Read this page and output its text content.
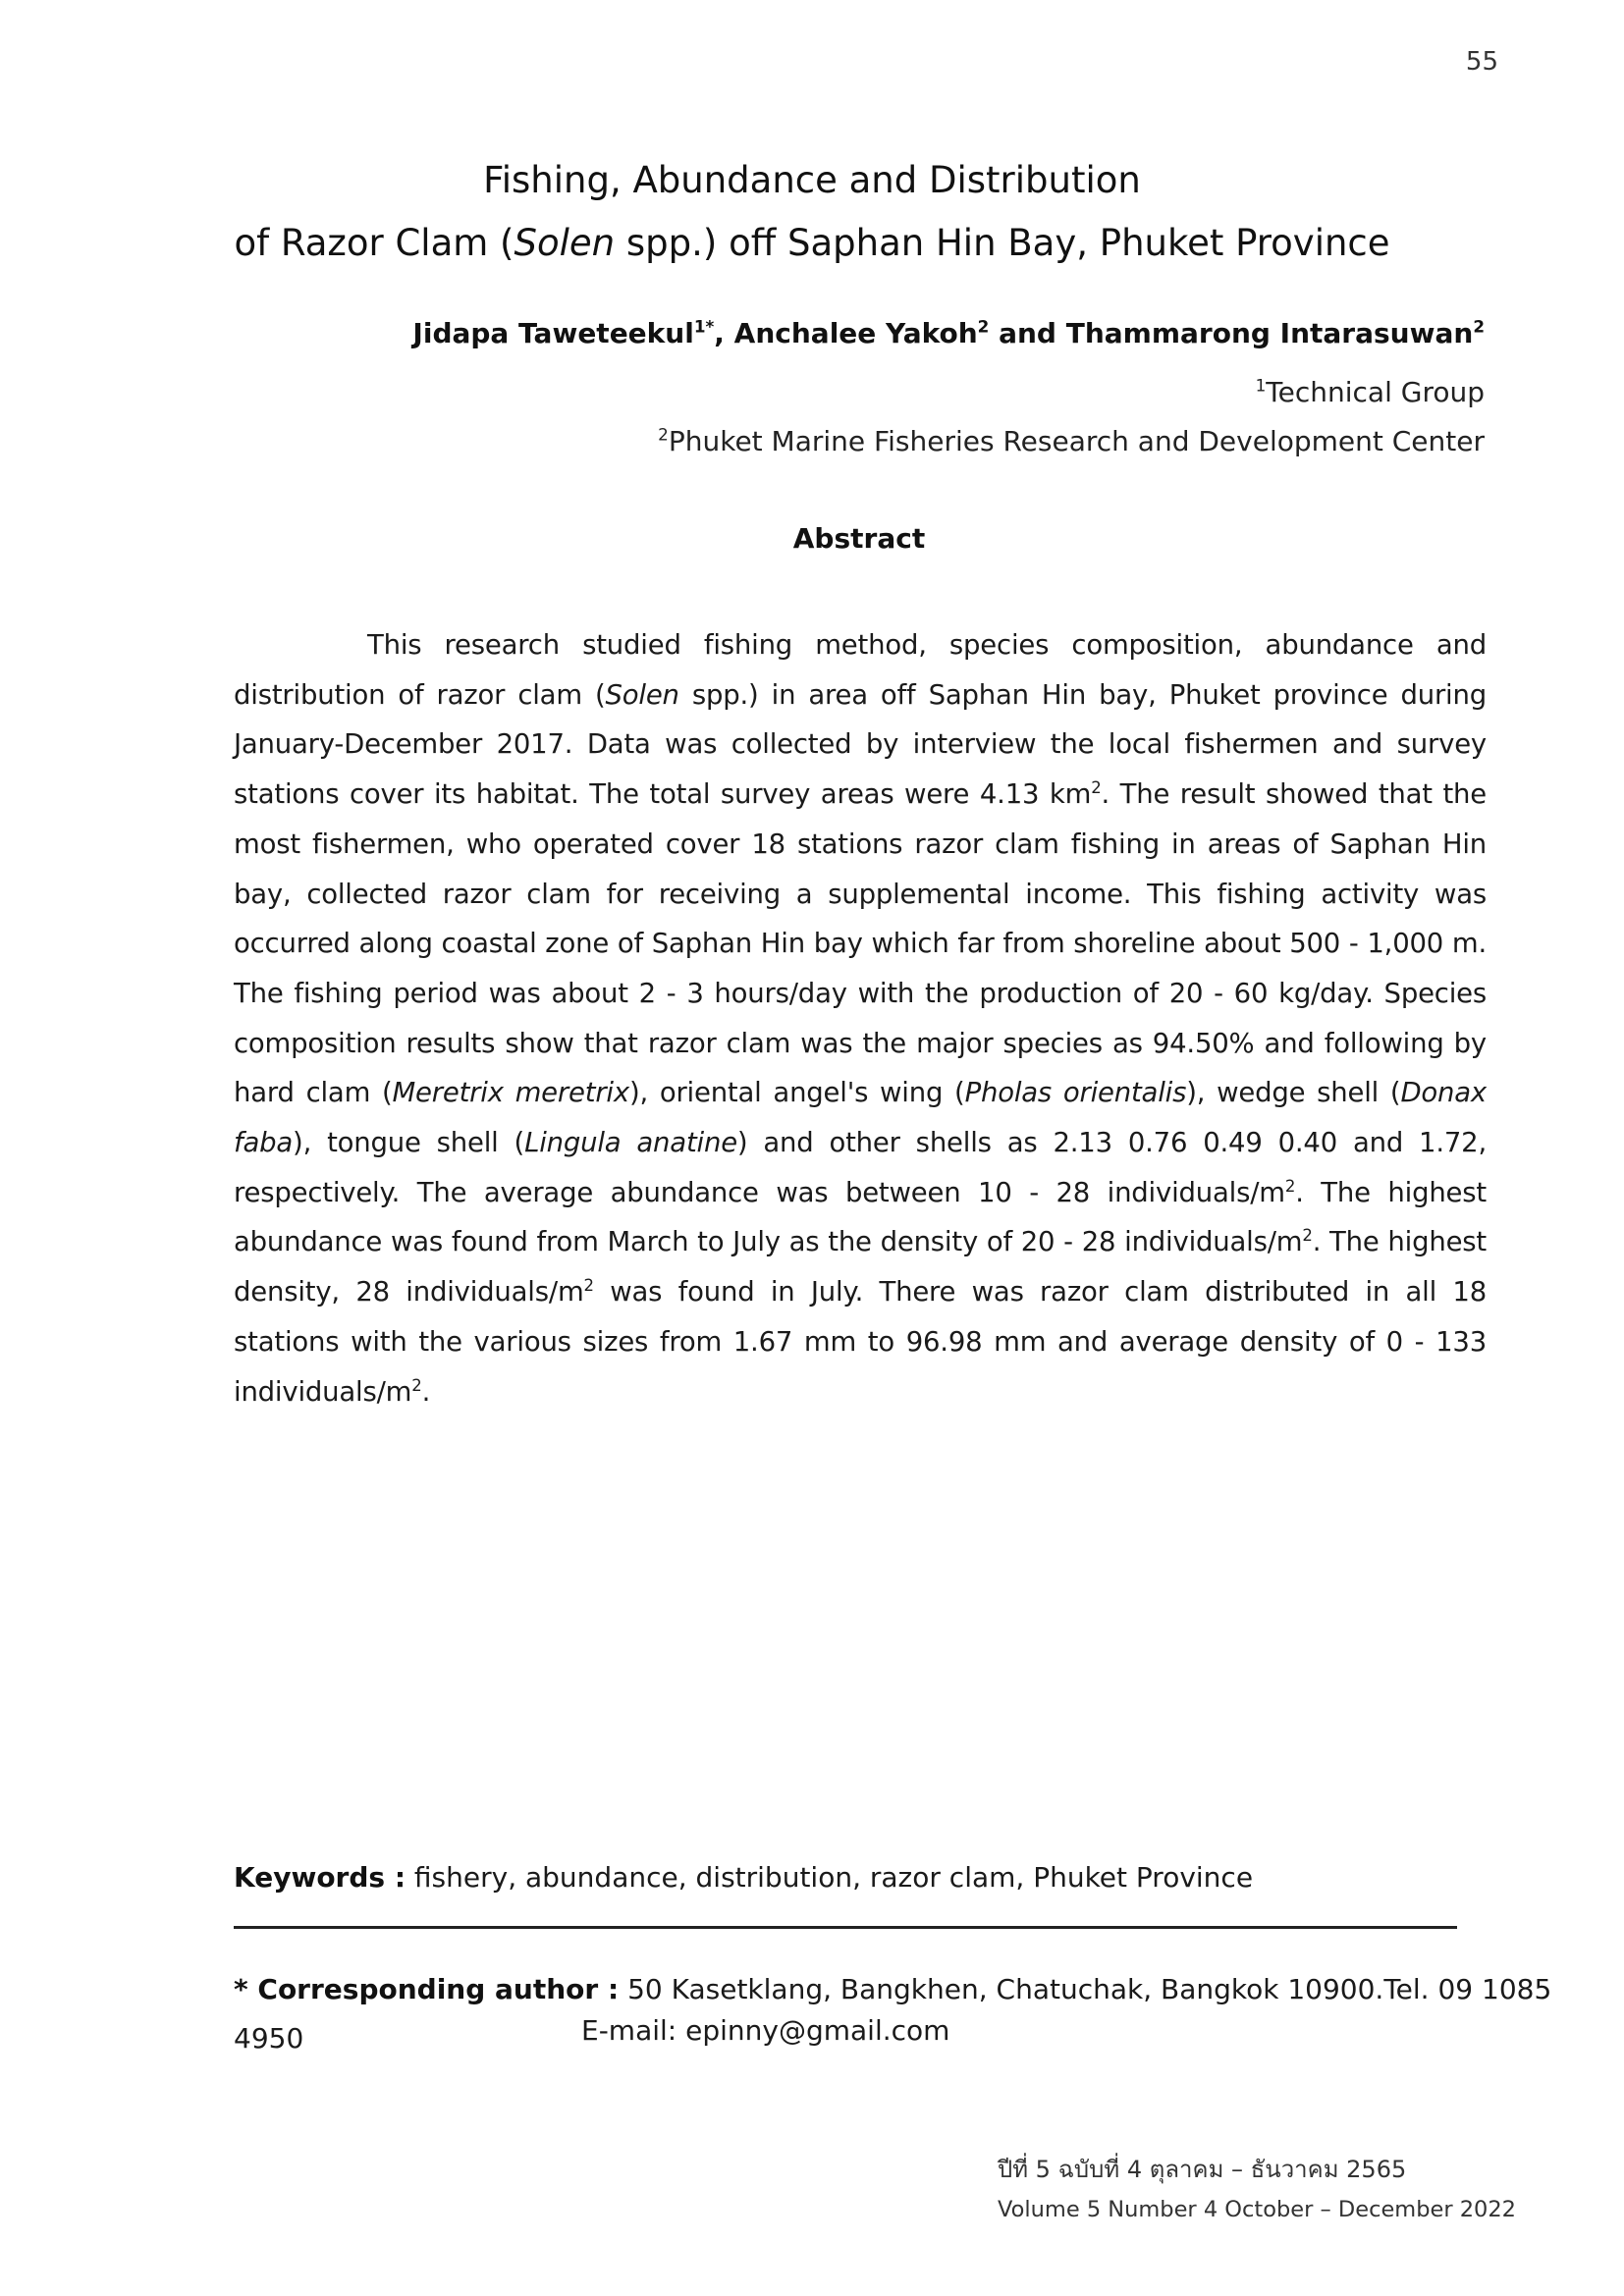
55
Fishing, Abundance and Distribution
of Razor Clam (Solen spp.) off Saphan Hin Bay, Phuket Province
Jidapa Taweteekul$^{1*}$, Anchalee Yakoh$^2$ and Thammarong Intarasuwan$^2$
$^1$Technical Group
$^2$Phuket Marine Fisheries Research and Development Center
Abstract
This research studied fishing method, species composition, abundance and distribution of razor clam (Solen spp.) in area off Saphan Hin bay, Phuket province during January-December 2017. Data was collected by interview the local fishermen and survey stations cover its habitat. The total survey areas were 4.13 $km^2$. The result showed that the most fishermen, who operated cover 18 stations razor clam fishing in areas of Saphan Hin bay, collected razor clam for receiving a supplemental income. This fishing activity was occurred along coastal zone of Saphan Hin bay which far from shoreline about 500 - 1,000 m. The fishing period was about 2 - 3 hours/day with the production of 20 - 60 kg/day. Species composition results show that razor clam was the major species as 94.50% and following by hard clam (Meretrix meretrix), oriental angel's wing (Pholas orientalis), wedge shell (Donax faba), tongue shell (Lingula anatine) and other shells as 2.13 0.76 0.49 0.40 and 1.72, respectively. The average abundance was between 10 - 28 individuals/$m^2$. The highest abundance was found from March to July as the density of 20 - 28 individuals/$m^2$. The highest density, 28 individuals/$m^2$ was found in July. There was razor clam distributed in all 18 stations with the various sizes from 1.67 mm to 96.98 mm and average density of 0 - 133 individuals/$m^2$.
Keywords : fishery, abundance, distribution, razor clam, Phuket Province
* Corresponding author : 50 Kasetklang, Bangkhen, Chatuchak, Bangkok 10900.Tel. 09 1085 4950	E-mail: epinny@gmail.com
ปีที่ 5 ฉบับที่ 4 ตุลาคม – ธันวาคม 2565
Volume 5 Number 4 October – December 2022
